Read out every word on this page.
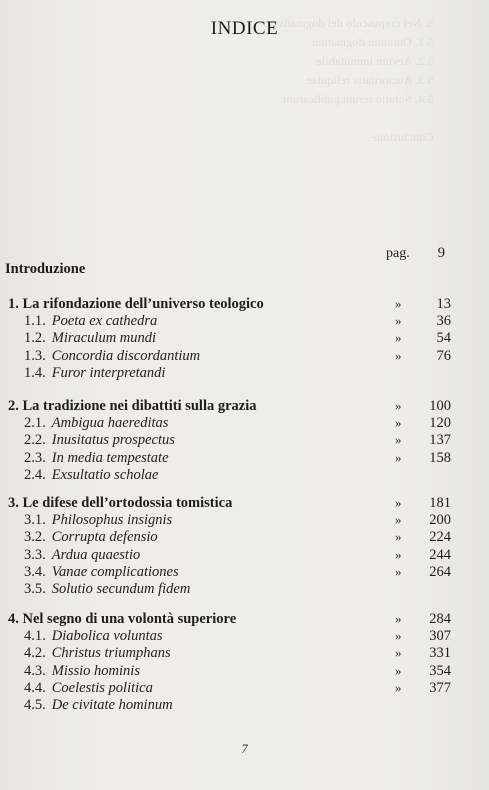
5. Nel crepuscolo del dogmatismo
5.1. Omnium dogmatum
5.2. Aevum immutabile
5.3. Auctoritatis reliquiae
5.4. Solutio rerum publicarum

Conclusione
INDICE
pag. 9
Introduzione
1. La rifondazione dell’universo teologico	»	13
1.1. Poeta ex cathedra	»	36
1.2. Miraculum mundi	»	54
1.3. Concordia discordantium	»	76
1.4. Furor interpretandi
2. La tradizione nei dibattiti sulla grazia	»	100
2.1. Ambigua haereditas	»	120
2.2. Inusitatus prospectus	»	137
2.3. In media tempestate	»	158
2.4. Exsultatio scholae
3. Le difese dell’ortodossia tomistica	»	181
3.1. Philosophus insignis	»	200
3.2. Corrupta defensio	»	224
3.3. Ardua quaestio	»	244
3.4. Vanae complicationes	»	264
3.5. Solutio secundum fidem
4. Nel segno di una volontà superiore	»	284
4.1. Diabolica voluntas	»	307
4.2. Christus triumphans	»	331
4.3. Missio hominis	»	354
4.4. Coelestis politica	»	377
4.5. De civitate hominum
7
